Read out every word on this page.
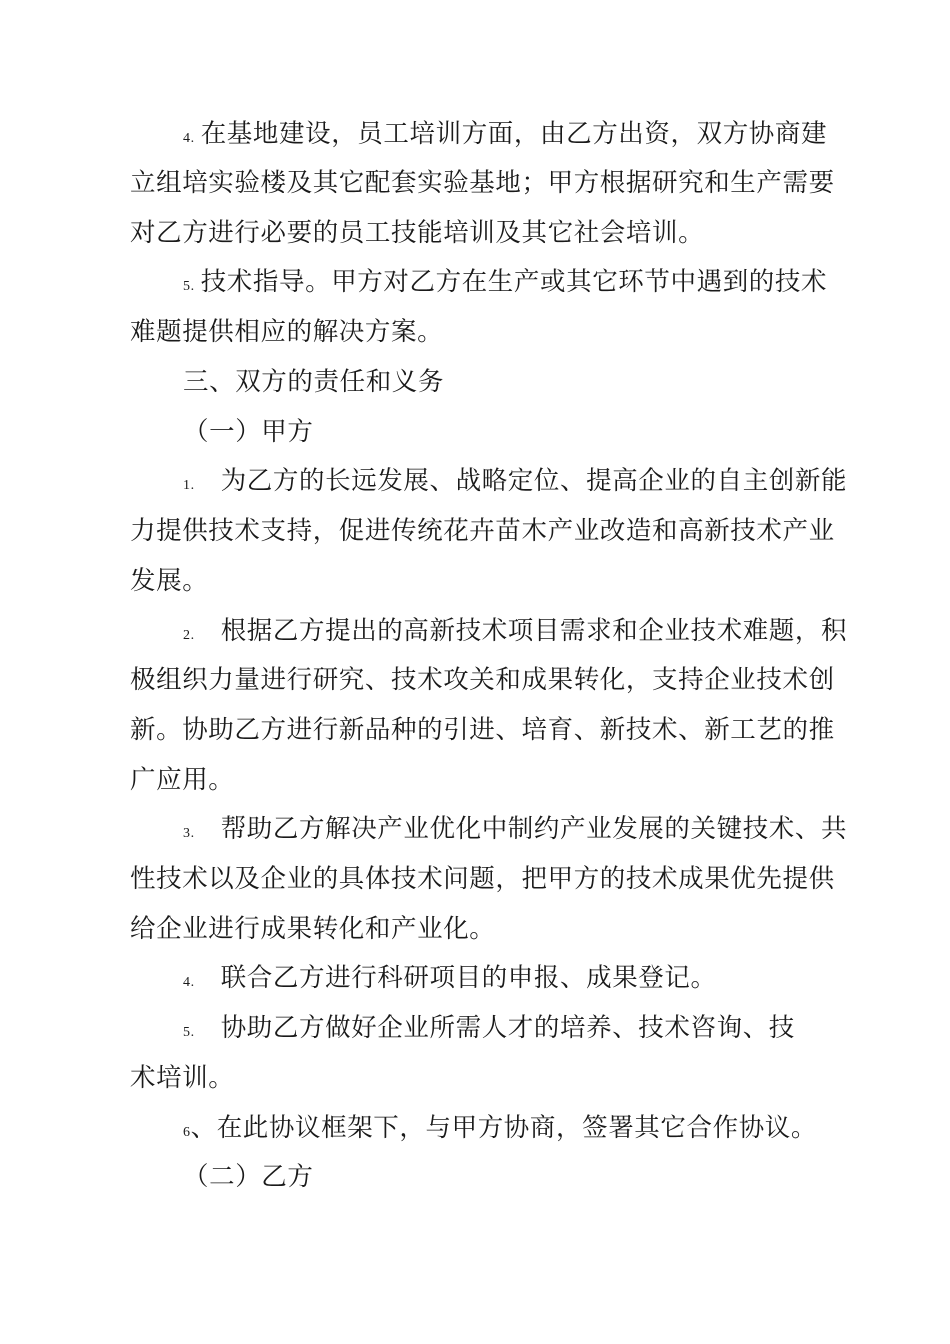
4. 在基地建设，员工培训方面，由乙方出资，双方协商建
立组培实验楼及其它配套实验基地；甲方根据研究和生产需要
对乙方进行必要的员工技能培训及其它社会培训。
5. 技术指导。甲方对乙方在生产或其它环节中遇到的技术
难题提供相应的解决方案。
三、双方的责任和义务
（一）甲方
1. 为乙方的长远发展、战略定位、提高企业的自主创新能
力提供技术支持，促进传统花卉苗木产业改造和高新技术产业
发展。
2. 根据乙方提出的高新技术项目需求和企业技术难题，积
极组织力量进行研究、技术攻关和成果转化，支持企业技术创
新。协助乙方进行新品种的引进、培育、新技术、新工艺的推
广应用。
3. 帮助乙方解决产业优化中制约产业发展的关键技术、共
性技术以及企业的具体技术问题，把甲方的技术成果优先提供
给企业进行成果转化和产业化。
4. 联合乙方进行科研项目的申报、成果登记。
5. 协助乙方做好企业所需人才的培养、技术咨询、技
术培训。
6、在此协议框架下，与甲方协商，签署其它合作协议。
（二）乙方
